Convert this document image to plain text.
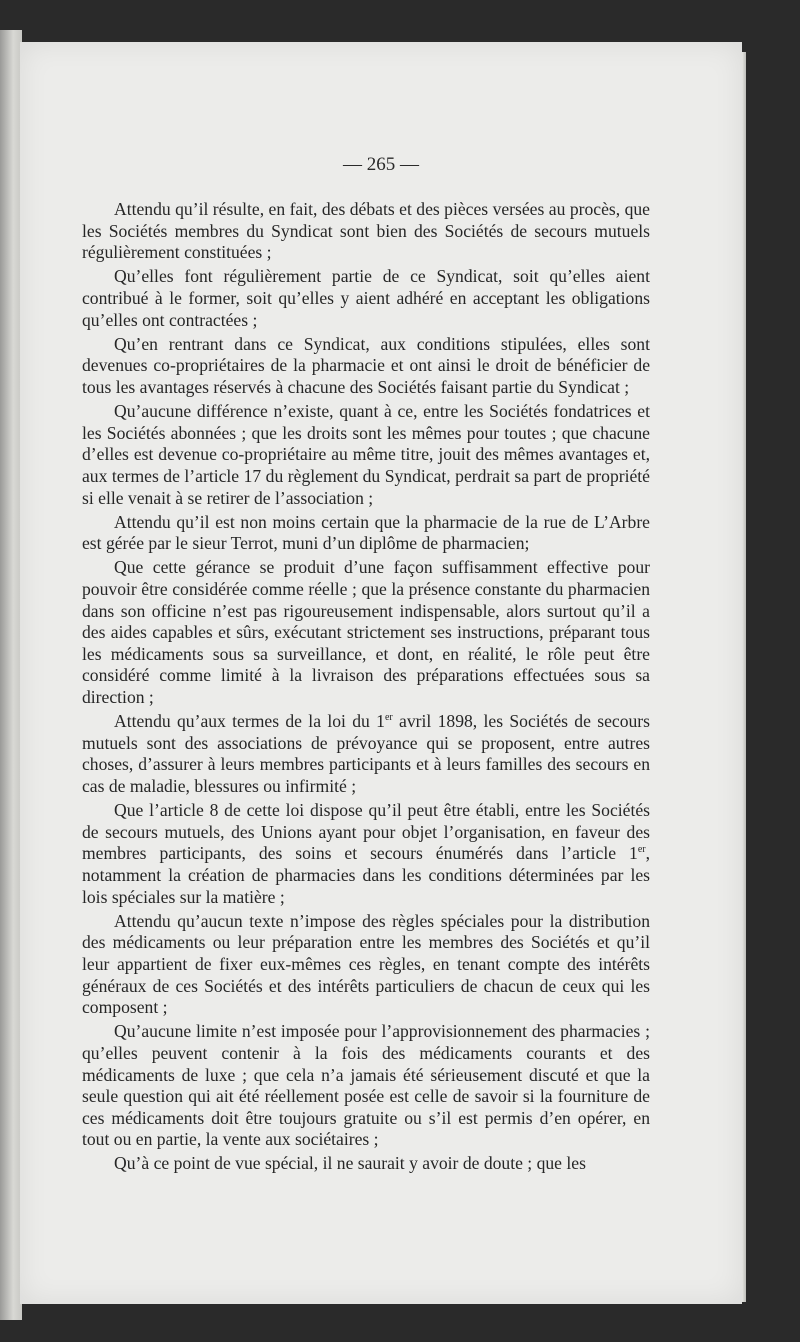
— 265 —

Attendu qu’il résulte, en fait, des débats et des pièces versées au procès, que les Sociétés membres du Syndicat sont bien des Sociétés de secours mutuels régulièrement constituées ;

Qu’elles font régulièrement partie de ce Syndicat, soit qu’elles aient contribué à le former, soit qu’elles y aient adhéré en acceptant les obligations qu’elles ont contractées ;

Qu’en rentrant dans ce Syndicat, aux conditions stipulées, elles sont devenues co-propriétaires de la pharmacie et ont ainsi le droit de bénéficier de tous les avantages réservés à chacune des Sociétés faisant partie du Syndicat ;

Qu’aucune différence n’existe, quant à ce, entre les Sociétés fondatrices et les Sociétés abonnées ; que les droits sont les mêmes pour toutes ; que chacune d’elles est devenue co-propriétaire au même titre, jouit des mêmes avantages et, aux termes de l’article 17 du règlement du Syndicat, perdrait sa part de propriété si elle venait à se retirer de l’association ;

Attendu qu’il est non moins certain que la pharmacie de la rue de L’Arbre est gérée par le sieur Terrot, muni d’un diplôme de pharmacien;

Que cette gérance se produit d’une façon suffisamment effective pour pouvoir être considérée comme réelle ; que la présence constante du pharmacien dans son officine n’est pas rigoureusement indispensable, alors surtout qu’il a des aides capables et sûrs, exécutant strictement ses instructions, préparant tous les médicaments sous sa surveillance, et dont, en réalité, le rôle peut être considéré comme limité à la livraison des préparations effectuées sous sa direction ;

Attendu qu’aux termes de la loi du 1er avril 1898, les Sociétés de secours mutuels sont des associations de prévoyance qui se proposent, entre autres choses, d’assurer à leurs membres participants et à leurs familles des secours en cas de maladie, blessures ou infirmité ;

Que l’article 8 de cette loi dispose qu’il peut être établi, entre les Sociétés de secours mutuels, des Unions ayant pour objet l’organisation, en faveur des membres participants, des soins et secours énumérés dans l’article 1er, notamment la création de pharmacies dans les conditions déterminées par les lois spéciales sur la matière ;

Attendu qu’aucun texte n’impose des règles spéciales pour la distribution des médicaments ou leur préparation entre les membres des Sociétés et qu’il leur appartient de fixer eux-mêmes ces règles, en tenant compte des intérêts généraux de ces Sociétés et des intérêts particuliers de chacun de ceux qui les composent ;

Qu’aucune limite n’est imposée pour l’approvisionnement des pharmacies ; qu’elles peuvent contenir à la fois des médicaments courants et des médicaments de luxe ; que cela n’a jamais été sérieusement discuté et que la seule question qui ait été réellement posée est celle de savoir si la fourniture de ces médicaments doit être toujours gratuite ou s’il est permis d’en opérer, en tout ou en partie, la vente aux sociétaires ;

Qu’à ce point de vue spécial, il ne saurait y avoir de doute ; que les
